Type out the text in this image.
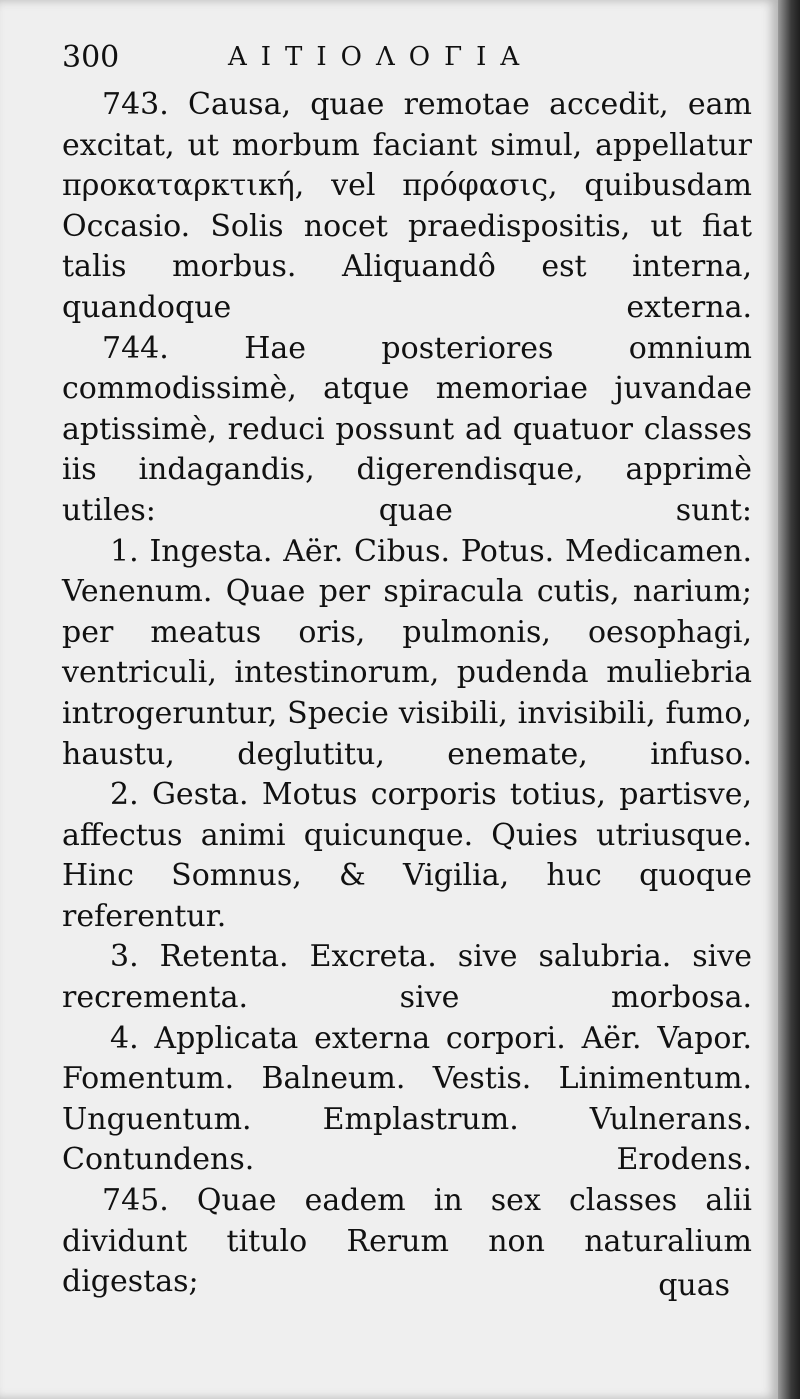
300	ΑΙΤΙΟΛΟΓΙΑ

743. Causa, quae remotae accedit, eam excitat, ut morbum faciant simul, appellatur προκαταρκτική, vel πρόφασις, quibusdam Occasio. Solis nocet praedispositis, ut fiat talis morbus. Aliquandô est interna, quandoque externa.

744.	Hae posteriores omnium commodissimè, atque memoriae juvandae aptissimè, reduci possunt ad quatuor classes iis indagandis, digerendisque, apprimè utiles: quae sunt:

1. Ingesta. Aër. Cibus. Potus. Medicamen. Venenum. Quae per spiracula cutis, narium; per meatus oris, pulmonis, oesophagi, ventriculi, intestinorum, pudenda muliebria introgeruntur, Specie visibili, invisibili, fumo, haustu, deglutitu, enemate, infuso.

2. Gesta. Motus corporis totius, partisve, affectus animi quicunque. Quies utriusque. Hinc Somnus, & Vigilia, huc quoque referentur.

3. Retenta. Excreta. sive salubria. sive recrementa. sive morbosa.

4. Applicata externa corpori. Aër. Vapor. Fomentum. Balneum. Vestis. Linimentum. Unguentum. Emplastrum. Vulnerans. Contundens. Erodens.

745. Quae eadem in sex classes alii dividunt titulo Rerum non naturalium digestas;	quas
